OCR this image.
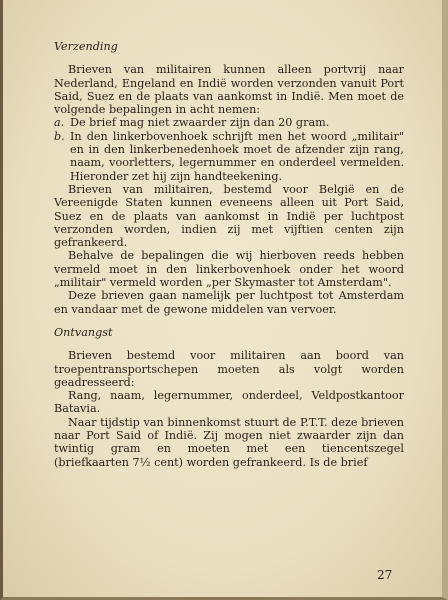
Verzending

Brieven van militairen kunnen alleen portvrij naar Nederland, Engeland en Indië worden verzonden vanuit Port Said, Suez en de plaats van aankomst in Indië. Men moet de volgende bepalingen in acht nemen:

a. De brief mag niet zwaarder zijn dan 20 gram.
b. In den linkerbovenhoek schrijft men het woord „militair" en in den linkerbenedenhoek moet de afzender zijn rang, naam, voorletters, legernummer en onderdeel vermelden. Hieronder zet hij zijn handteekening.

Brieven van militairen, bestemd voor België en de Vereenigde Staten kunnen eveneens alleen uit Port Said, Suez en de plaats van aankomst in Indië per luchtpost verzonden worden, indien zij met vijftien centen zijn gefrankeerd.

Behalve de bepalingen die wij hierboven reeds hebben vermeld moet in den linkerbovenhoek onder het woord „militair" vermeld worden „per Skymaster tot Amsterdam".

Deze brieven gaan namelijk per luchtpost tot Amsterdam en vandaar met de gewone middelen van vervoer.

Ontvangst

Brieven bestemd voor militairen aan boord van troepentransportschepen moeten als volgt worden geadresseerd:

Rang, naam, legernummer, onderdeel, Veldpostkantoor Batavia.

Naar tijdstip van binnenkomst stuurt de P.T.T. deze brieven naar Port Said of Indië. Zij mogen niet zwaarder zijn dan twintig gram en moeten met een tiencentszegel (briefkaarten 7½ cent) worden gefrankeerd. Is de brief

27
